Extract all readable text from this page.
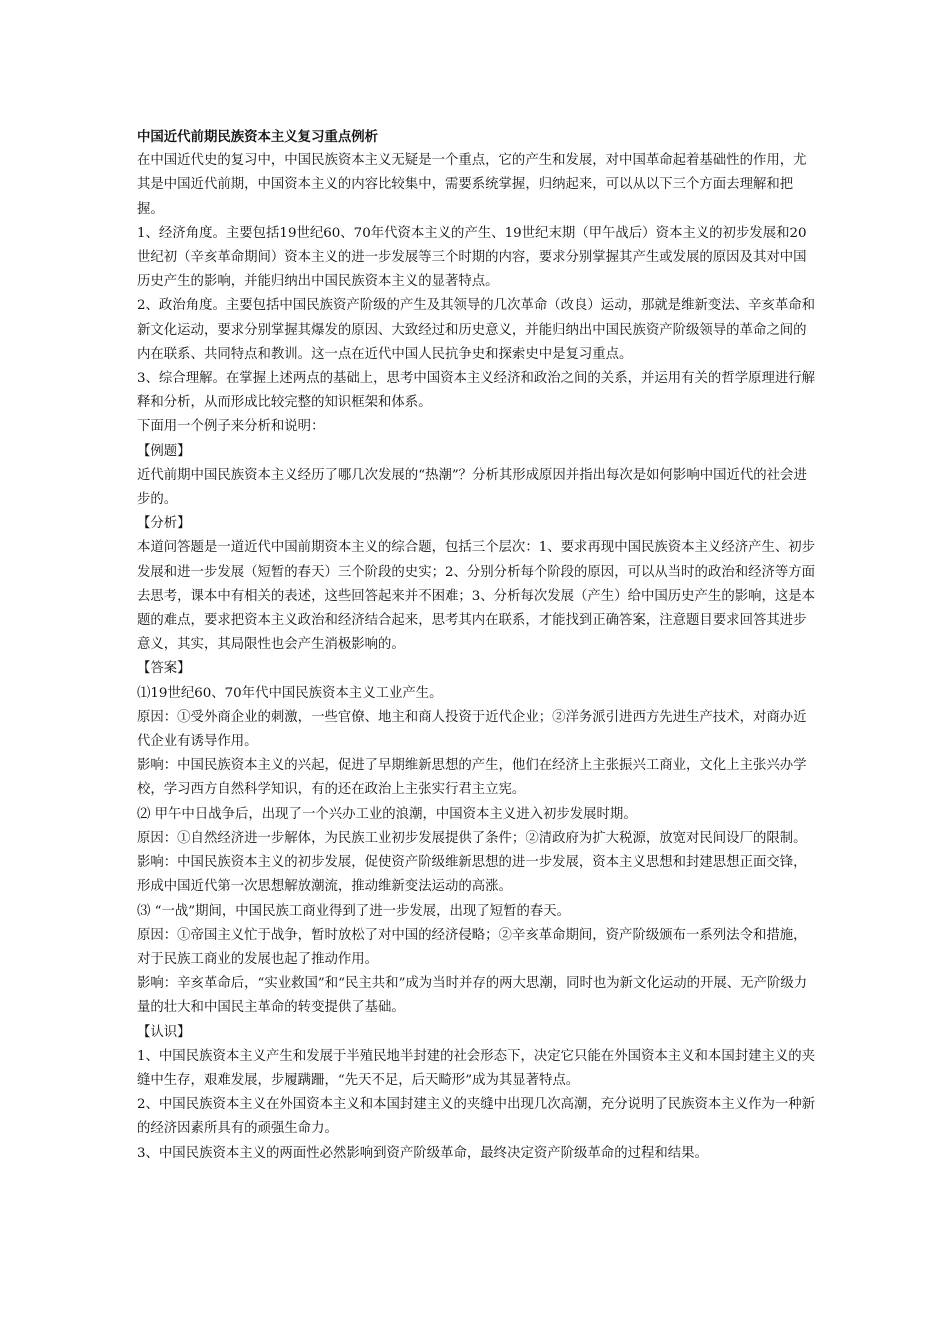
中国近代前期民族资本主义复习重点例析

在中国近代史的复习中，中国民族资本主义无疑是一个重点，它的产生和发展，对中国革命起着基础性的作用，尤其是中国近代前期，中国资本主义的内容比较集中，需要系统掌握，归纳起来，可以从以下三个方面去理解和把握。

1、经济角度。主要包括19世纪60、70年代资本主义的产生、19世纪末期（甲午战后）资本主义的初步发展和20世纪初（辛亥革命期间）资本主义的进一步发展等三个时期的内容，要求分别掌握其产生或发展的原因及其对中国历史产生的影响，并能归纳出中国民族资本主义的显著特点。

2、政治角度。主要包括中国民族资产阶级的产生及其领导的几次革命（改良）运动，那就是维新变法、辛亥革命和新文化运动，要求分别掌握其爆发的原因、大致经过和历史意义，并能归纳出中国民族资产阶级领导的革命之间的内在联系、共同特点和教训。这一点在近代中国人民抗争史和探索史中是复习重点。

3、综合理解。在掌握上述两点的基础上，思考中国资本主义经济和政治之间的关系，并运用有关的哲学原理进行解释和分析，从而形成比较完整的知识框架和体系。

下面用一个例子来分析和说明：

【例题】

近代前期中国民族资本主义经历了哪几次发展的“热潮”？分析其形成原因并指出每次是如何影响中国近代的社会进步的。

【分析】

本道问答题是一道近代中国前期资本主义的综合题，包括三个层次：1、要求再现中国民族资本主义经济产生、初步发展和进一步发展（短暂的春天）三个阶段的史实；2、分别分析每个阶段的原因，可以从当时的政治和经济等方面去思考，课本中有相关的表述，这些回答起来并不困难；3、分析每次发展（产生）给中国历史产生的影响，这是本题的难点，要求把资本主义政治和经济结合起来，思考其内在联系，才能找到正确答案，注意题目要求回答其进步意义，其实，其局限性也会产生消极影响的。

【答案】

⑴19世纪60、70年代中国民族资本主义工业产生。

原因：①受外商企业的刺激，一些官僚、地主和商人投资于近代企业；②洋务派引进西方先进生产技术，对商办近代企业有诱导作用。

影响：中国民族资本主义的兴起，促进了早期维新思想的产生，他们在经济上主张振兴工商业，文化上主张兴办学校，学习西方自然科学知识，有的还在政治上主张实行君主立宪。

⑵ 甲午中日战争后，出现了一个兴办工业的浪潮，中国资本主义进入初步发展时期。

原因：①自然经济进一步解体，为民族工业初步发展提供了条件；②清政府为扩大税源，放宽对民间设厂的限制。

影响：中国民族资本主义的初步发展，促使资产阶级维新思想的进一步发展，资本主义思想和封建思想正面交锋，形成中国近代第一次思想解放潮流，推动维新变法运动的高涨。

⑶ “一战”期间，中国民族工商业得到了进一步发展，出现了短暂的春天。

原因：①帝国主义忙于战争，暂时放松了对中国的经济侵略；②辛亥革命期间，资产阶级颁布一系列法令和措施，对于民族工商业的发展也起了推动作用。

影响：辛亥革命后，“实业救国”和“民主共和”成为当时并存的两大思潮，同时也为新文化运动的开展、无产阶级力量的壮大和中国民主革命的转变提供了基础。

【认识】

1、中国民族资本主义产生和发展于半殖民地半封建的社会形态下，决定它只能在外国资本主义和本国封建主义的夹缝中生存，艰难发展，步履蹒跚，“先天不足，后天畸形”成为其显著特点。

2、中国民族资本主义在外国资本主义和本国封建主义的夹缝中出现几次高潮，充分说明了民族资本主义作为一种新的经济因素所具有的顽强生命力。

3、中国民族资本主义的两面性必然影响到资产阶级革命，最终决定资产阶级革命的过程和结果。
